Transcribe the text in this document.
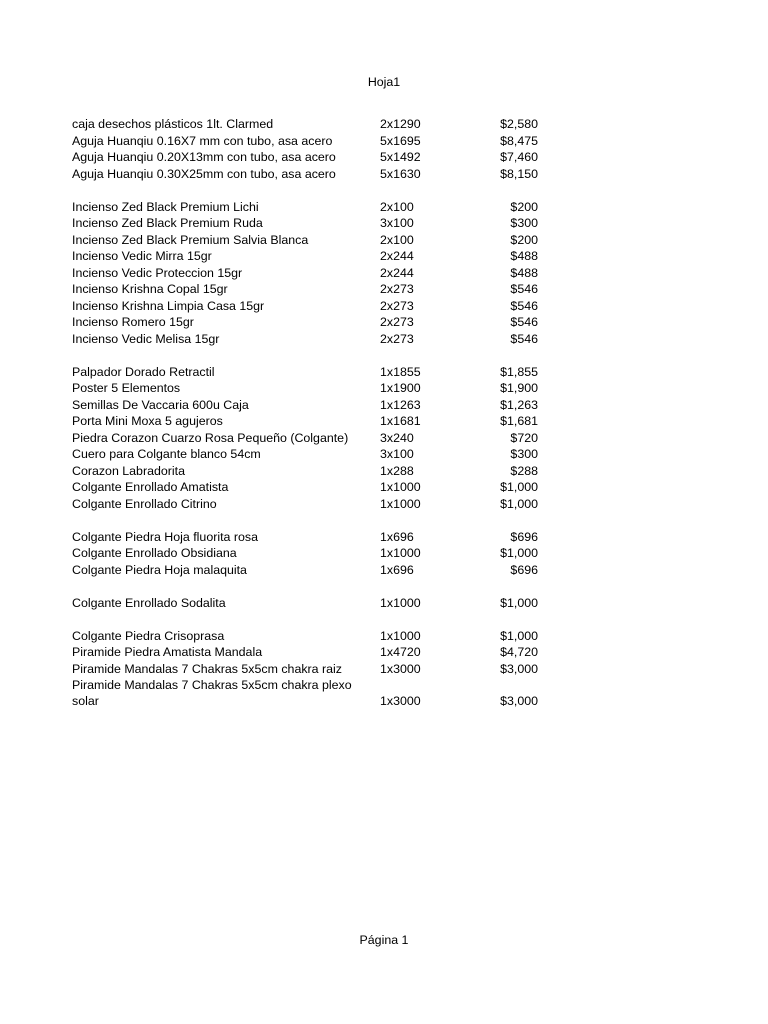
Hoja1
caja desechos plásticos 1lt. Clarmed	2x1290	$2,580
Aguja Huanqiu 0.16X7 mm con tubo, asa acero	5x1695	$8,475
Aguja Huanqiu 0.20X13mm con tubo, asa acero	5x1492	$7,460
Aguja Huanqiu 0.30X25mm con tubo, asa acero	5x1630	$8,150
Incienso Zed Black Premium Lichi	2x100	$200
Incienso Zed Black Premium Ruda	3x100	$300
Incienso Zed Black Premium Salvia Blanca	2x100	$200
Incienso Vedic Mirra 15gr	2x244	$488
Incienso Vedic Proteccion 15gr	2x244	$488
Incienso Krishna Copal 15gr	2x273	$546
Incienso Krishna Limpia Casa 15gr	2x273	$546
Incienso Romero 15gr	2x273	$546
Incienso Vedic Melisa 15gr	2x273	$546
Palpador Dorado Retractil	1x1855	$1,855
Poster 5 Elementos	1x1900	$1,900
Semillas De Vaccaria 600u Caja	1x1263	$1,263
Porta Mini Moxa 5 agujeros	1x1681	$1,681
Piedra Corazon Cuarzo Rosa Pequeño (Colgante)	3x240	$720
Cuero para Colgante blanco 54cm	3x100	$300
Corazon Labradorita	1x288	$288
Colgante Enrollado Amatista	1x1000	$1,000
Colgante Enrollado Citrino	1x1000	$1,000
Colgante Piedra Hoja fluorita rosa	1x696	$696
Colgante Enrollado Obsidiana	1x1000	$1,000
Colgante Piedra Hoja malaquita	1x696	$696
Colgante Enrollado Sodalita	1x1000	$1,000
Colgante Piedra Crisoprasa	1x1000	$1,000
Piramide Piedra Amatista Mandala	1x4720	$4,720
Piramide Mandalas 7 Chakras 5x5cm chakra raiz	1x3000	$3,000
Piramide Mandalas 7 Chakras 5x5cm chakra plexo solar	1x3000	$3,000
Página 1
